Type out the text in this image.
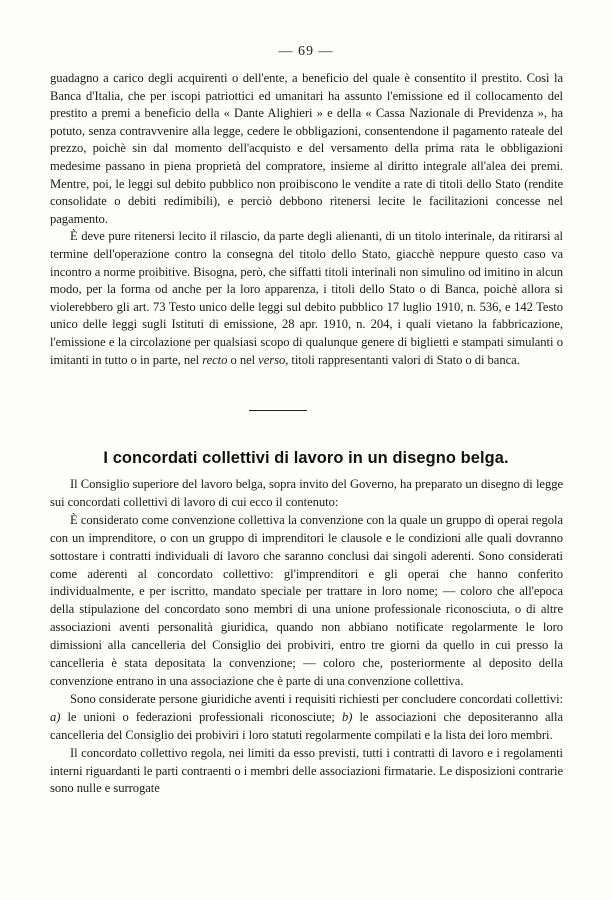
— 69 —

guadagno a carico degli acquirenti o dell'ente, a beneficio del quale è consentito il prestito. Così la Banca d'Italia, che per iscopi patriottici ed umanitari ha assunto l'emissione ed il collocamento del prestito a premi a beneficio della « Dante Alighieri » e della « Cassa Nazionale di Previdenza », ha potuto, senza contravvenire alla legge, cedere le obbligazioni, consentendone il pagamento rateale del prezzo, poichè sin dal momento dell'acquisto e del versamento della prima rata le obbligazioni medesime passano in piena proprietà del compratore, insieme al diritto integrale all'alea dei premi. Mentre, poi, le leggi sul debito pubblico non proibiscono le vendite a rate di titoli dello Stato (rendite consolidate o debiti redimibili), e perciò debbono ritenersi lecite le facilitazioni concesse nel pagamento.

È deve pure ritenersi lecito il rilascio, da parte degli alienanti, di un titolo interinale, da ritirarsi al termine dell'operazione contro la consegna del titolo dello Stato, giacchè neppure questo caso va incontro a norme proibitive. Bisogna, però, che siffatti titoli interinali non simulino od imitino in alcun modo, per la forma od anche per la loro apparenza, i titoli dello Stato o di Banca, poichè allora si violerebbero gli art. 73 Testo unico delle leggi sul debito pubblico 17 luglio 1910, n. 536, e 142 Testo unico delle leggi sugli Istituti di emissione, 28 apr. 1910, n. 204, i quali vietano la fabbricazione, l'emissione e la circolazione per qualsiasi scopo di qualunque genere di biglietti e stampati simulanti o imitanti in tutto o in parte, nel recto o nel verso, titoli rappresentanti valori di Stato o di banca.

I concordati collettivi di lavoro in un disegno belga.

Il Consiglio superiore del lavoro belga, sopra invito del Governo, ha preparato un disegno di legge sui concordati collettivi di lavoro di cui ecco il contenuto:

È considerato come convenzione collettiva la convenzione con la quale un gruppo di operai regola con un imprenditore, o con un gruppo di imprenditori le clausole e le condizioni alle quali dovranno sottostare i contratti individuali di lavoro che saranno conclusi dai singoli aderenti. Sono considerati come aderenti al concordato collettivo: gl'imprenditori e gli operai che hanno conferito individualmente, e per iscritto, mandato speciale per trattare in loro nome; — coloro che all'epoca della stipulazione del concordato sono membri di una unione professionale riconosciuta, o di altre associazioni aventi personalità giuridica, quando non abbiano notificate regolarmente le loro dimissioni alla cancelleria del Consiglio dei probiviri, entro tre giorni da quello in cui presso la cancelleria è stata depositata la convenzione; — coloro che, posteriormente al deposito della convenzione entrano in una associazione che è parte di una convenzione collettiva.

Sono considerate persone giuridiche aventi i requisiti richiesti per concludere concordati collettivi: a) le unioni o federazioni professionali riconosciute; b) le associazioni che depositeranno alla cancelleria del Consiglio dei probiviri i loro statuti regolarmente compilati e la lista dei loro membri.

Il concordato collettivo regola, nei limiti da esso previsti, tutti i contratti di lavoro e i regolamenti interni riguardanti le parti contraenti o i membri delle associazioni firmatarie. Le disposizioni contrarie sono nulle e surrogate
